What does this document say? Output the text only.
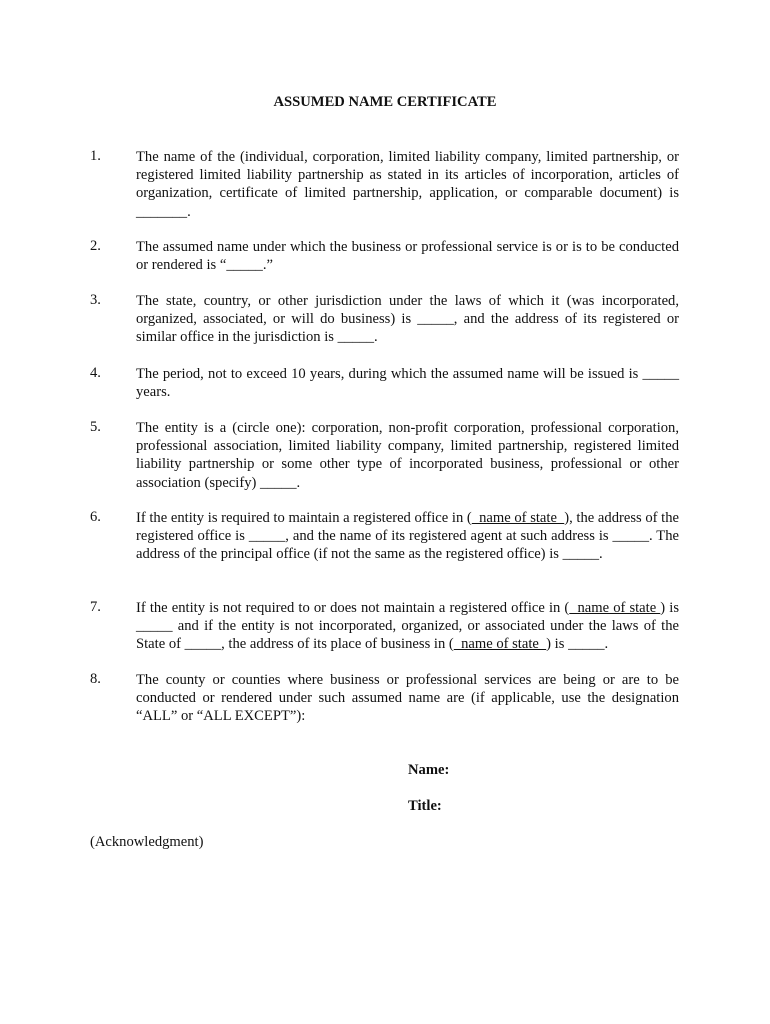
ASSUMED NAME CERTIFICATE
1.	The name of the (individual, corporation, limited liability company, limited partnership, or registered limited liability partnership as stated in its articles of incorporation, articles of organization, certificate of limited partnership, application, or comparable document) is _______.
2.	The assumed name under which the business or professional service is or is to be conducted or rendered is “_____.”
3.	The state, country, or other jurisdiction under the laws of which it (was incorporated, organized, associated, or will do business) is _____, and the address of its registered or similar office in the jurisdiction is _____.
4.	The period, not to exceed 10 years, during which the assumed name will be issued is _____ years.
5.	The entity is a (circle one): corporation, non-profit corporation, professional corporation, professional association, limited liability company, limited partnership, registered limited liability partnership or some other type of incorporated business, professional or other association (specify) _____.
6.	If the entity is required to maintain a registered office in (  name of state  ), the address of the registered office is _____, and the name of its registered agent at such address is _____. The address of the principal office (if not the same as the registered office) is _____.
7.	If the entity is not required to or does not maintain a registered office in (  name of state ) is _____ and if the entity is not incorporated, organized, or associated under the laws of the State of _____, the address of its place of business in (  name of state  ) is _____.
8.	The county or counties where business or professional services are being or are to be conducted or rendered under such assumed name are (if applicable, use the designation “ALL” or “ALL EXCEPT”):
Name:
Title:
(Acknowledgment)
